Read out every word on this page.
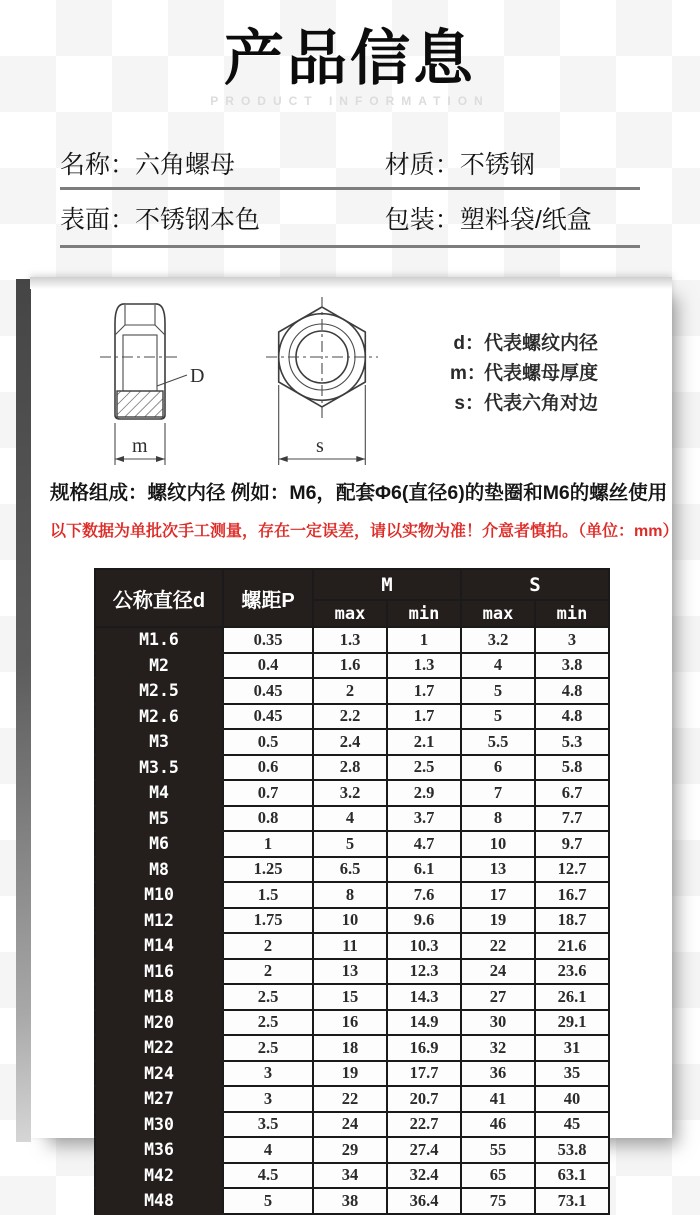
产品信息
PRODUCT INFORMATION
名称：六角螺母	材质：不锈钢
表面：不锈钢本色	包装：塑料袋/纸盒
D
m	s
d： 代表螺纹内径
m：
代表螺母厚度
s： 代表六角对边
规格组成：螺纹内径 例如：M6，配套Φ6(直径6)的垫圈和M6的螺丝使用
以下数据为单批次手工测量，存在一定误差，请以实物为准！介意者慎拍。（单位：mm）
公称直径d	螺距P	M		S	
		max	min	max	min
M1.6	0.35	1.3	1	3.2	3
M2	0.4	1.6	1.3	4	3.8
M2.5	0.45	2	1.7	5	4.8
M2.6	0.45	2.2	1.7	5	4.8
M3	0.5	2.4	2.1	5.5	5.3
M3.5	0.6	2.8	2.5	6	5.8
M4	0.7	3.2	2.9	7	6.7
M5	0.8	4	3.7	8	7.7
M6	1	5	4.7	10	9.7
M8	1.25	6.5	6.1	13	12.7
M10	1.5	8	7.6	17	16.7
M12	1.75	10	9.6	19	18.7
M14	2	11	10.3	22	21.6
M16	2	13	12.3	24	23.6
M18	2.5	15	14.3	27	26.1
M20	2.5	16	14.9	30	29.1
M22	2.5	18	16.9	32	31
M24	3	19	17.7	36	35
M27	3	22	20.7	41	40
M30	3.5	24	22.7	46	45
M36	4	29	27.4	55	53.8
M42	4.5	34	32.4	65	63.1
M48	5	38	36.4	75	73.1
